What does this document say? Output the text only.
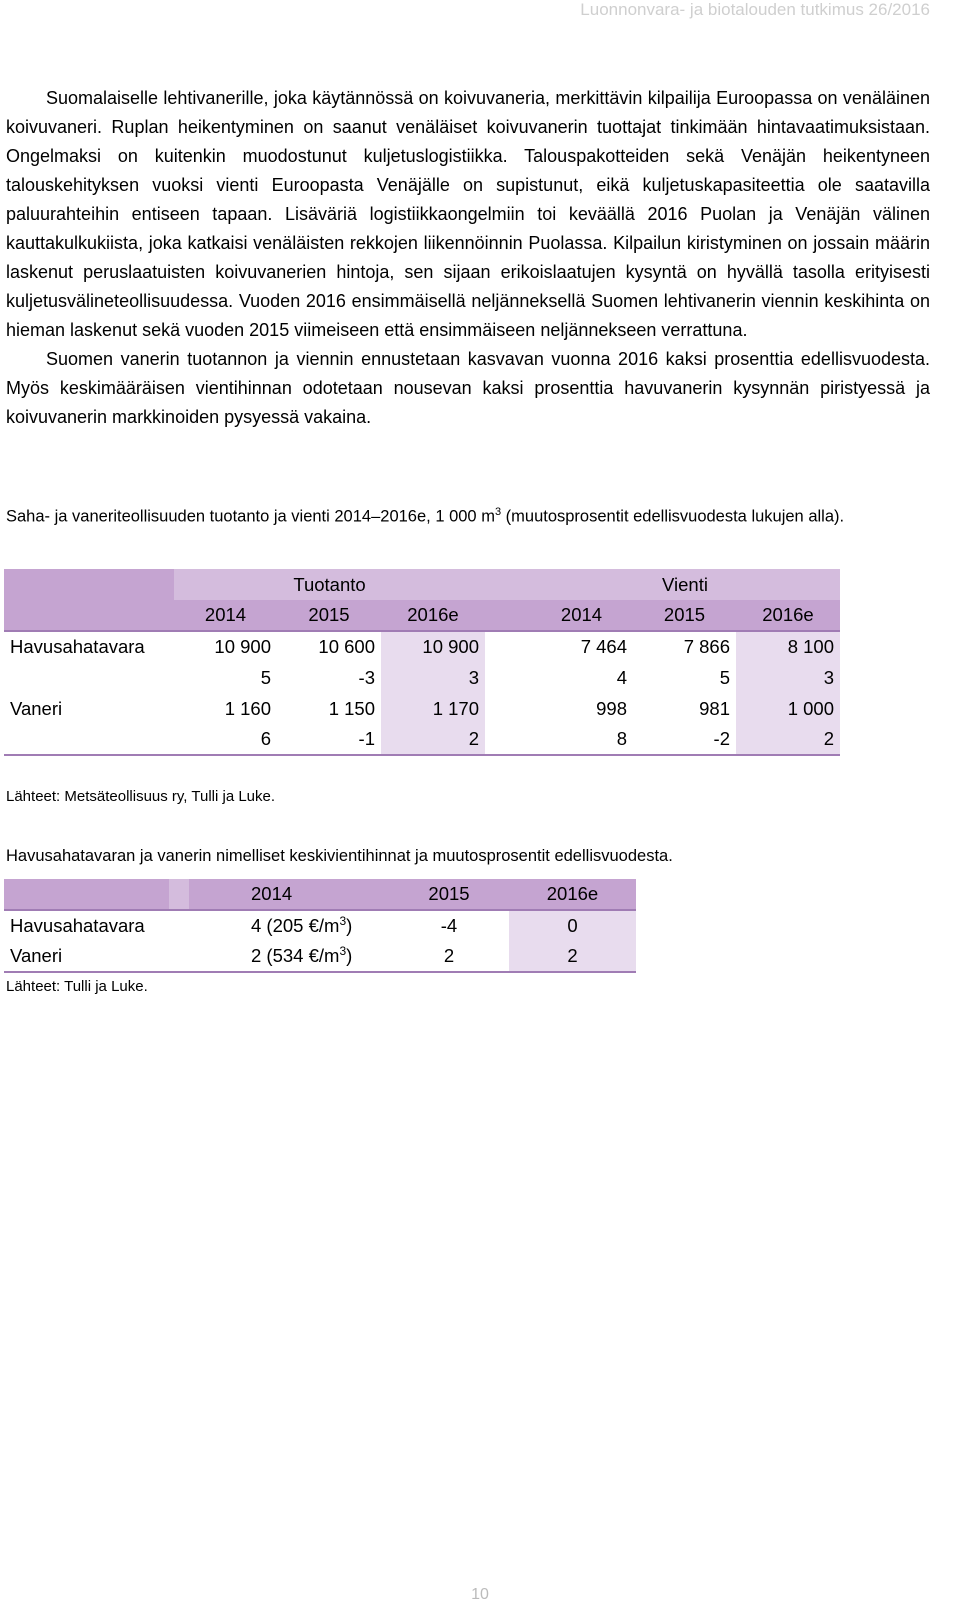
Luonnonvara- ja biotalouden tutkimus 26/2016

Suomalaiselle lehtivanerille, joka käytännössä on koivuvaneria, merkittävin kilpailija Euroopassa on venäläinen koivuvaneri. Ruplan heikentyminen on saanut venäläiset koivuvanerin tuottajat tinkimään hintavaatimuksistaan. Ongelmaksi on kuitenkin muodostunut kuljetuslogistiikka. Talouspakotteiden sekä Venäjän heikentyneen talouskehityksen vuoksi vienti Euroopasta Venäjälle on supistunut, eikä kuljetuskapasiteettia ole saatavilla paluurahteihin entiseen tapaan. Lisäväriä logistiikkaongelmiin toi keväällä 2016 Puolan ja Venäjän välinen kauttakulkukiista, joka katkaisi venäläisten rekkojen liikennöinnin Puolassa. Kilpailun kiristyminen on jossain määrin laskenut peruslaatuisten koivuvanerien hintoja, sen sijaan erikoislaatujen kysyntä on hyvällä tasolla erityisesti kuljetusvälineteollisuudessa. Vuoden 2016 ensimmäisellä neljänneksellä Suomen lehtivanerin viennin keskihinta on hieman laskenut sekä vuoden 2015 viimeiseen että ensimmäiseen neljännekseen verrattuna.

Suomen vanerin tuotannon ja viennin ennustetaan kasvavan vuonna 2016 kaksi prosenttia edellisvuodesta. Myös keskimääräisen vientihinnan odotetaan nousevan kaksi prosenttia havuvanerin kysynnän piristyessä ja koivuvanerin markkinoiden pysyessä vakaina.

Saha- ja vaneriteollisuuden tuotanto ja vienti 2014–2016e, 1 000 $m^3$ (muutosprosentit edellisvuodesta lukujen alla).
	Tuotanto				Vienti		
	2014	2015	2016e		2014	2015	2016e
Havusahatavara	10 900	10 600	10 900		7 464	7 866	8 100
	5	-3	3		4	5	3
Vaneri	1 160	1 150	1 170		998	981	1 000
	6	-1	2		8	-2	2
Lähteet: Metsäteollisuus ry, Tulli ja Luke.
Havusahatavaran ja vanerin nimelliset keskivientihinnat ja muutosprosentit edellisvuodesta.
		2014	2015	2016e
Havusahatavara		4 (205 $€/m^3$)	-4	0
Vaneri		2 (534 $€/m^3$)	2	2
Lähteet: Tulli ja Luke.
10
